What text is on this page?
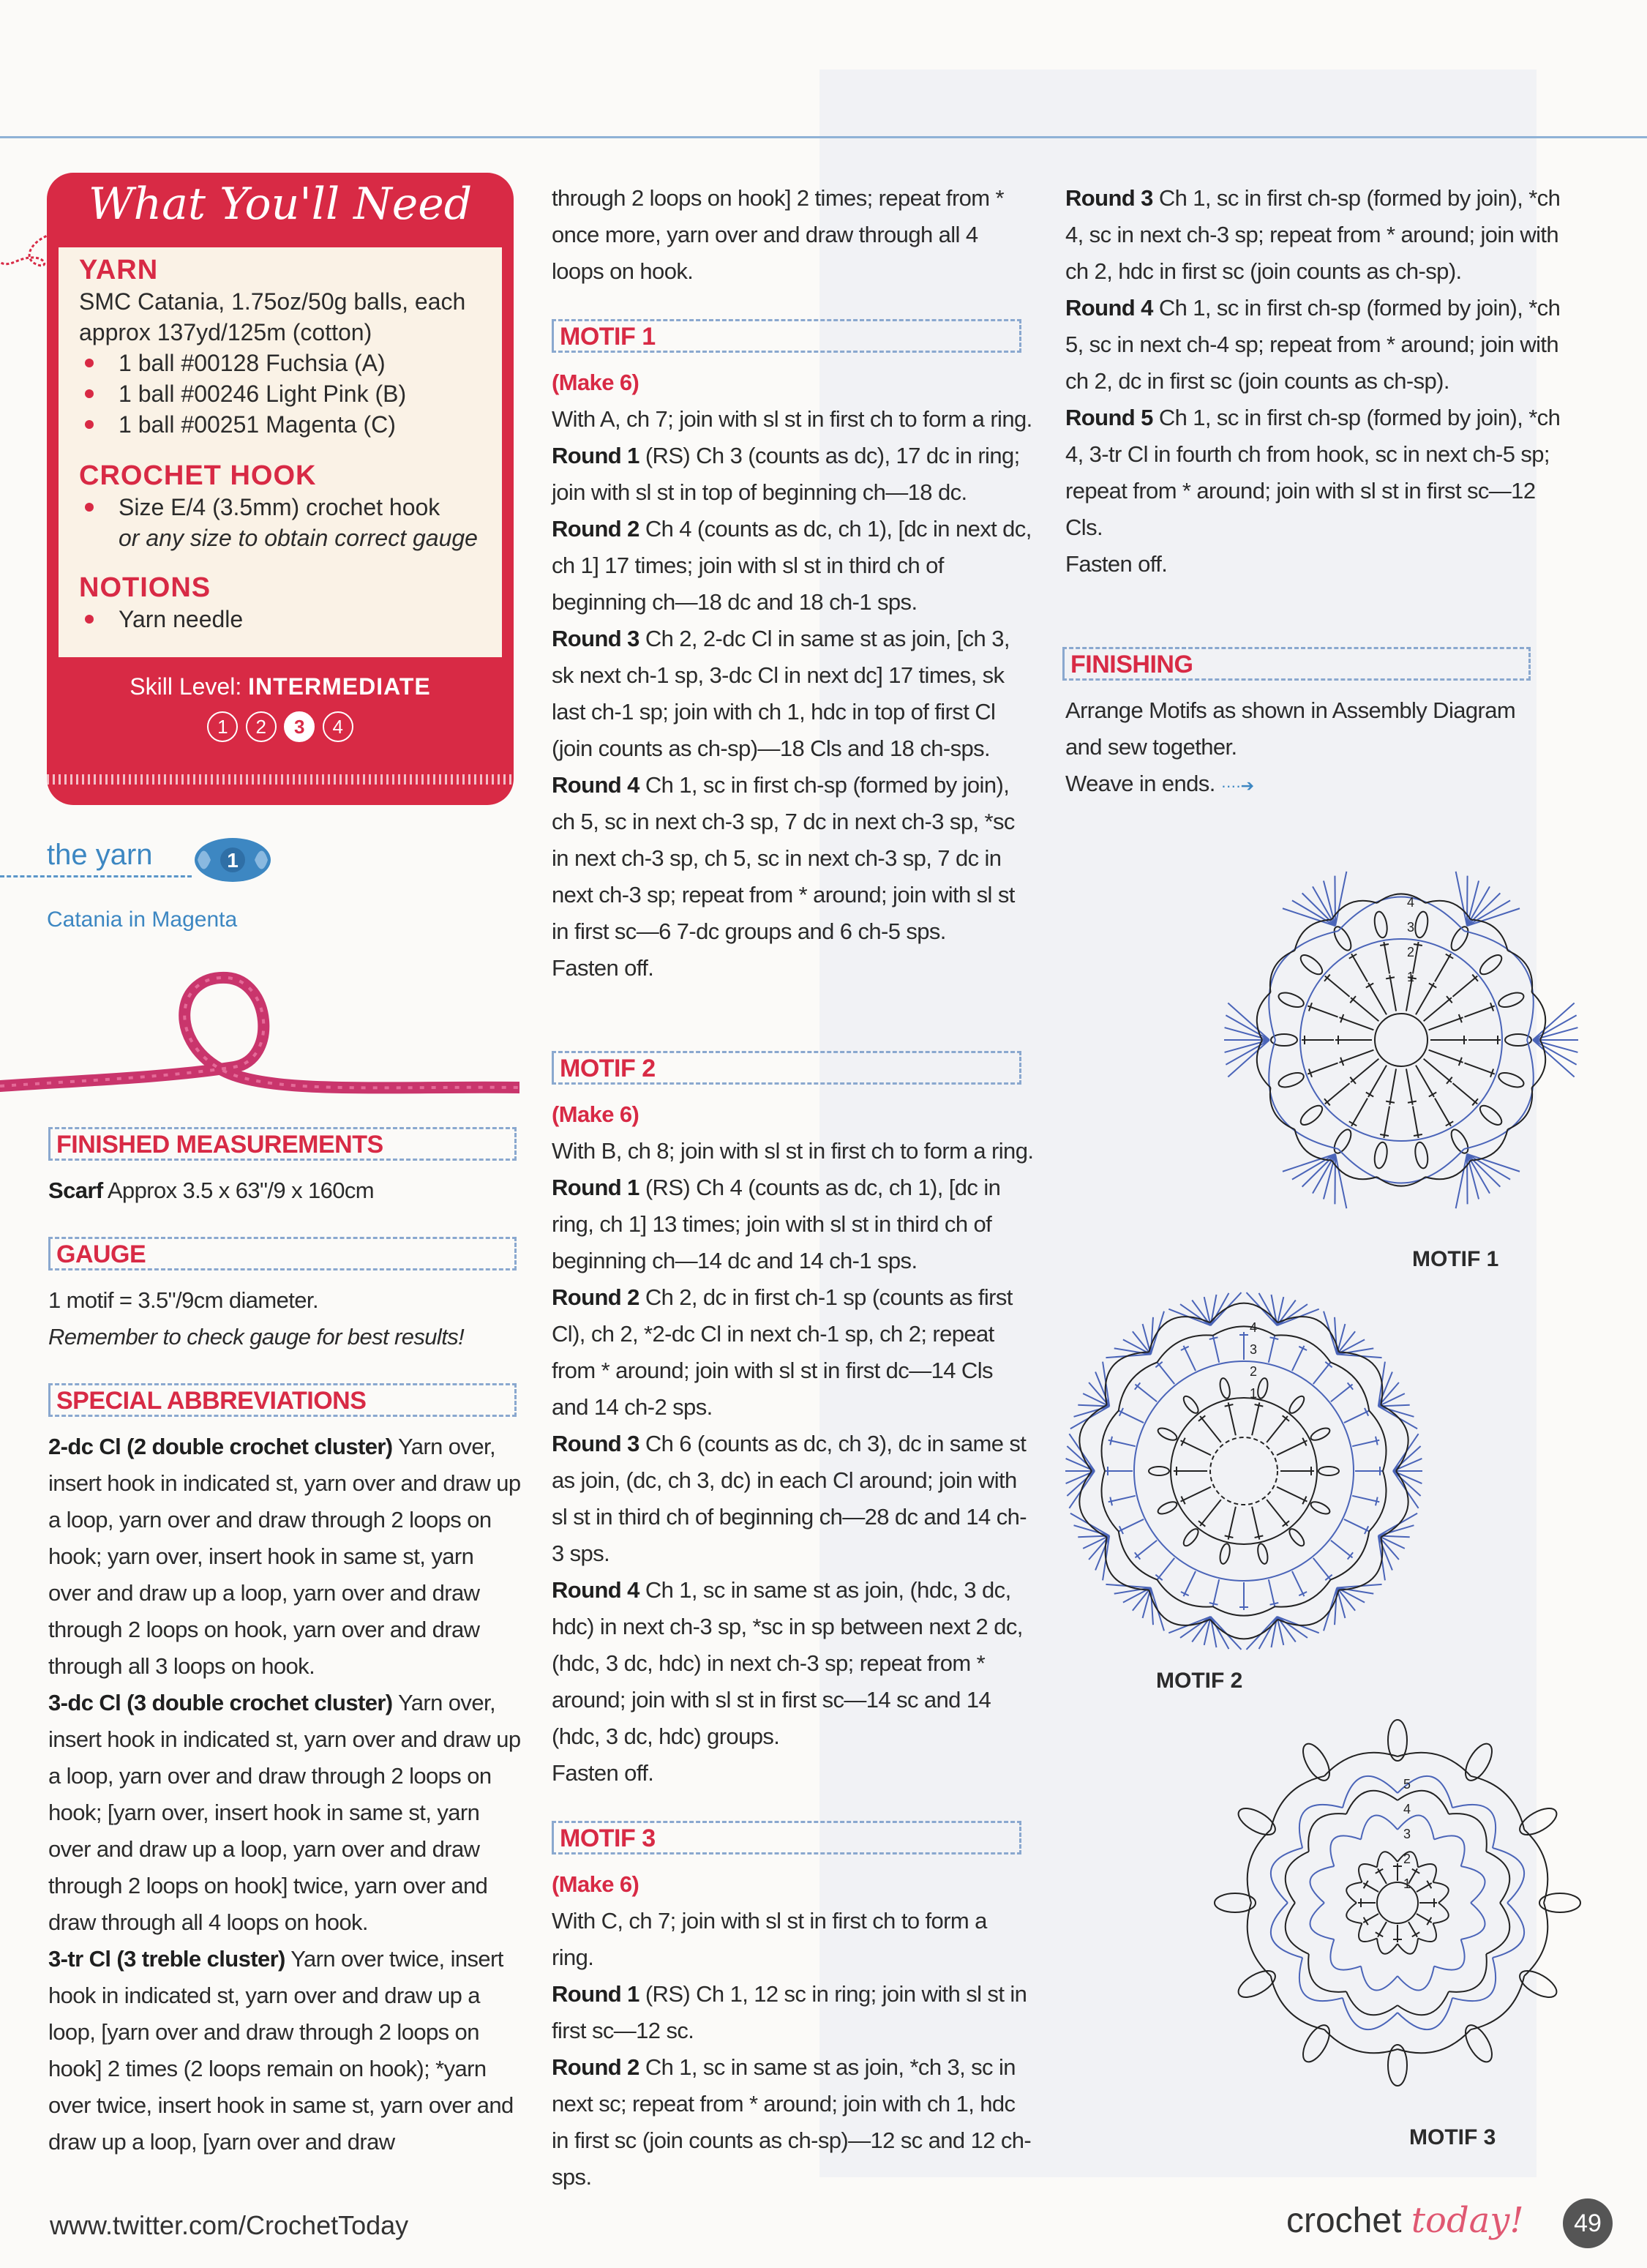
What You'll Need

YARN

SMC Catania, 1.75oz/50g balls, each approx 137yd/125m (cotton)
1 ball #00128 Fuchsia (A)
1 ball #00246 Light Pink (B)
1 ball #00251 Magenta (C)

CROCHET HOOK

Size E/4 (3.5mm) crochet hook
or any size to obtain correct gauge

NOTIONS

Yarn needle
Skill Level: INTERMEDIATE
1 2 3 4
the yarn	1
Catania in Magenta
FINISHED MEASUREMENTS

Scarf Approx 3.5 x 63"/9 x 160cm

GAUGE

1 motif = 3.5"/9cm diameter.

Remember to check gauge for best results!

SPECIAL ABBREVIATIONS

2-dc Cl (2 double crochet cluster) Yarn over, insert hook in indicated st, yarn over and draw up a loop, yarn over and draw through 2 loops on hook; yarn over, insert hook in same st, yarn over and draw up a loop, yarn over and draw through 2 loops on hook, yarn over and draw through all 3 loops on hook.

3-dc Cl (3 double crochet cluster) Yarn over, insert hook in indicated st, yarn over and draw up a loop, yarn over and draw through 2 loops on hook; [yarn over, insert hook in same st, yarn over and draw up a loop, yarn over and draw through 2 loops on hook] twice, yarn over and draw through all 4 loops on hook.

3-tr Cl (3 treble cluster) Yarn over twice, insert hook in indicated st, yarn over and draw up a loop, [yarn over and draw through 2 loops on hook] 2 times (2 loops remain on hook); *yarn over twice, insert hook in same st, yarn over and draw up a loop, [yarn over and draw

through 2 loops on hook] 2 times; repeat from * once more, yarn over and draw through all 4 loops on hook.

MOTIF 1

(Make 6)

With A, ch 7; join with sl st in first ch to form a ring.

Round 1 (RS) Ch 3 (counts as dc), 17 dc in ring; join with sl st in top of beginning ch—18 dc.

Round 2 Ch 4 (counts as dc, ch 1), [dc in next dc, ch 1] 17 times; join with sl st in third ch of beginning ch—18 dc and 18 ch-1 sps.

Round 3 Ch 2, 2-dc Cl in same st as join, [ch 3, sk next ch-1 sp, 3-dc Cl in next dc] 17 times, sk last ch-1 sp; join with ch 1, hdc in top of first Cl (join counts as ch-sp)—18 Cls and 18 ch-sps.

Round 4 Ch 1, sc in first ch-sp (formed by join), ch 5, sc in next ch-3 sp, 7 dc in next ch-3 sp, *sc in next ch-3 sp, ch 5, sc in next ch-3 sp, 7 dc in next ch-3 sp; repeat from * around; join with sl st in first sc—6 7-dc groups and 6 ch-5 sps.

Fasten off.

MOTIF 2

(Make 6)

With B, ch 8; join with sl st in first ch to form a ring.

Round 1 (RS) Ch 4 (counts as dc, ch 1), [dc in ring, ch 1] 13 times; join with sl st in third ch of beginning ch—14 dc and 14 ch-1 sps.

Round 2 Ch 2, dc in first ch-1 sp (counts as first Cl), ch 2, *2-dc Cl in next ch-1 sp, ch 2; repeat from * around; join with sl st in first dc—14 Cls and 14 ch-2 sps.

Round 3 Ch 6 (counts as dc, ch 3), dc in same st as join, (dc, ch 3, dc) in each Cl around; join with sl st in third ch of beginning ch—28 dc and 14 ch-3 sps.

Round 4 Ch 1, sc in same st as join, (hdc, 3 dc, hdc) in next ch-3 sp, *sc in sp between next 2 dc, (hdc, 3 dc, hdc) in next ch-3 sp; repeat from * around; join with sl st in first sc—14 sc and 14 (hdc, 3 dc, hdc) groups.

Fasten off.

MOTIF 3

(Make 6)

With C, ch 7; join with sl st in first ch to form a ring.

Round 1 (RS) Ch 1, 12 sc in ring; join with sl st in first sc—12 sc.

Round 2 Ch 1, sc in same st as join, *ch 3, sc in next sc; repeat from * around; join with ch 1, hdc in first sc (join counts as ch-sp)—12 sc and 12 ch-sps.

Round 3 Ch 1, sc in first ch-sp (formed by join), *ch 4, sc in next ch-3 sp; repeat from * around; join with ch 2, hdc in first sc (join counts as ch-sp).

Round 4 Ch 1, sc in first ch-sp (formed by join), *ch 5, sc in next ch-4 sp; repeat from * around; join with ch 2, dc in first sc (join counts as ch-sp).

Round 5 Ch 1, sc in first ch-sp (formed by join), *ch 4, 3-tr Cl in fourth ch from hook, sc in next ch-5 sp; repeat from * around; join with sl st in first sc—12 Cls.

Fasten off.

FINISHING

Arrange Motifs as shown in Assembly Diagram and sew together.

Weave in ends. ····➔

1
2
3
4
1
2
3
4
1
2
3
4
5
MOTIF 1
MOTIF 2
MOTIF 3
www.twitter.com/CrochetToday	crochet today!	49
